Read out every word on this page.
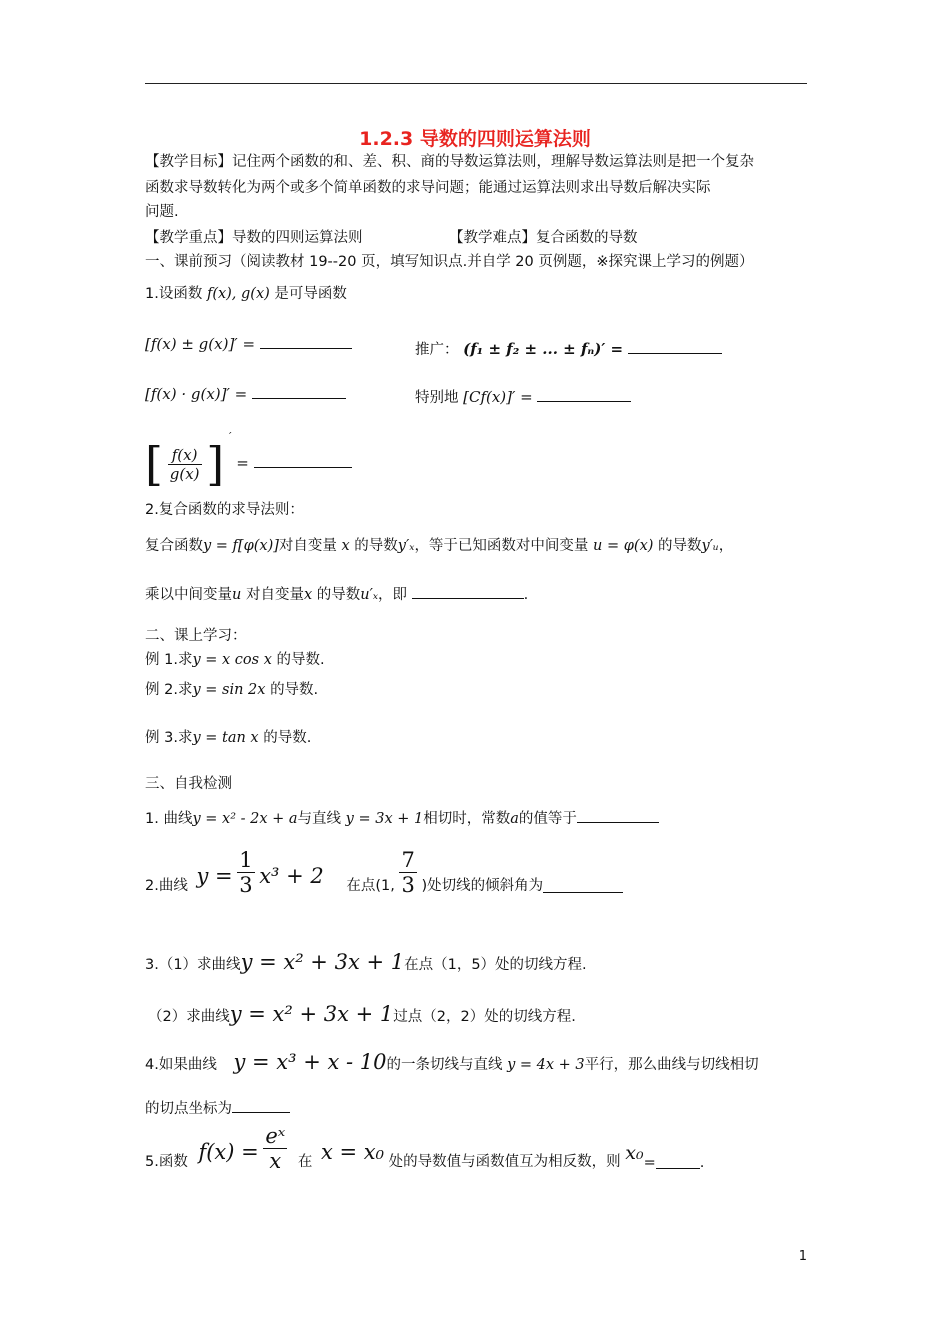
1.2.3 导数的四则运算法则
【教学目标】记住两个函数的和、差、积、商的导数运算法则，理解导数运算法则是把一个复杂
函数求导数转化为两个或多个简单函数的求导问题；能通过运算法则求出导数后解决实际
问题.
【教学重点】导数的四则运算法则	【教学难点】复合函数的导数
一、课前预习（阅读教材 19--20 页，填写知识点.并自学 20 页例题，※探究课上学习的例题）
1.设函数 f(x), g(x) 是可导函数
[f(x) ± g(x)]′ =	推广： (f₁ ± f₂ ± ... ± fₙ)′ =
[f(x) · g(x)]′ =	特别地 [Cf(x)]′ =
[ $\frac{f(x)}{g(x)}$ ] ′ =
2.复合函数的求导法则：
复合函数y = f[φ(x)]对自变量 x 的导数y′ₓ，等于已知函数对中间变量 u = φ(x) 的导数y′ᵤ，
乘以中间变量u 对自变量x 的导数u′ₓ，即	.
二、课上学习：
例 1.求y = x cos x 的导数.
例 2.求y = sin 2x 的导数.
例 3.求y = tan x 的导数.
三、自我检测
1. 曲线y = x² - 2x + a与直线 y = 3x + 1相切时，常数a的值等于
2.曲线 $y = \frac{1}{3} x^3 + 2$ 在点(1, $\frac{7}{3}$ )处切线的倾斜角为
3.（1）求曲线y = x² + 3x + 1在点（1，5）处的切线方程.
（2）求曲线y = x² + 3x + 1过点（2，2）处的切线方程.
4.如果曲线 y = x³ + x - 10的一条切线与直线 y = 4x + 3平行，那么曲线与切线相切
的切点坐标为
5.函数 $f(x) = \frac{\text{eˣ}}{x}$ 在 x = x₀ 处的导数值与函数值互为相反数，则 x₀=	.
1
